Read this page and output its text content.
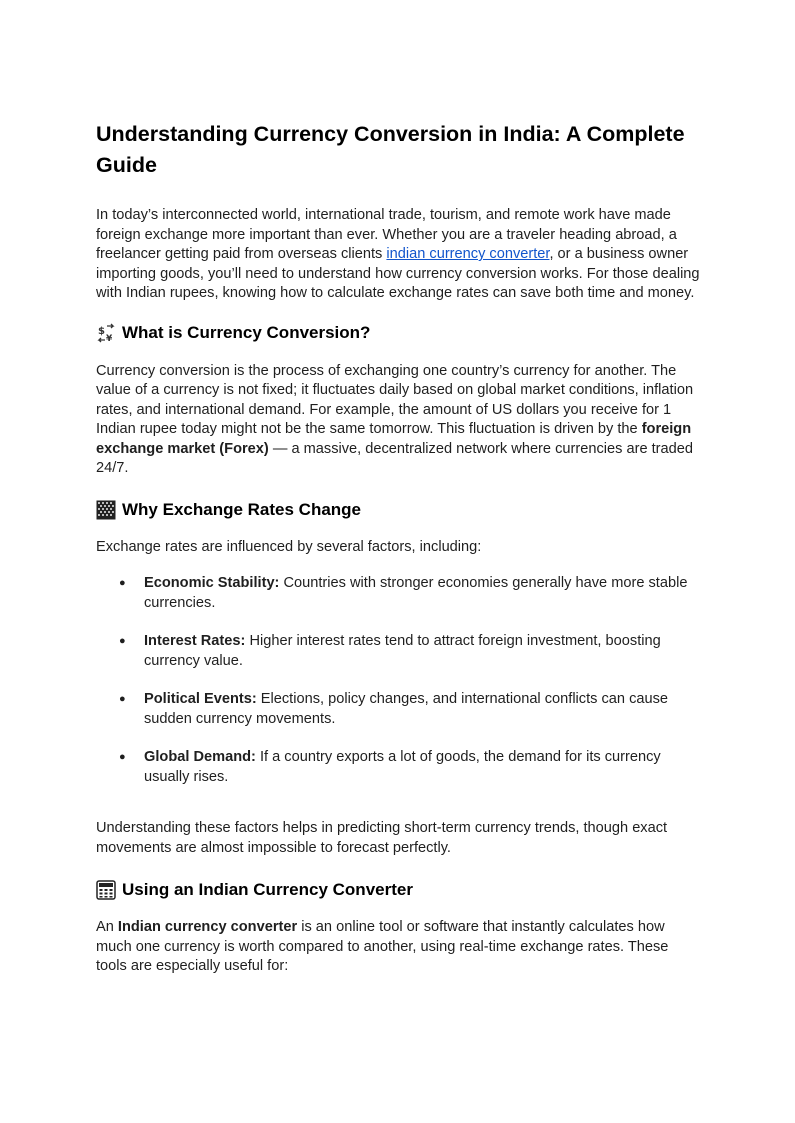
Understanding Currency Conversion in India: A Complete Guide

In today’s interconnected world, international trade, tourism, and remote work have made foreign exchange more important than ever. Whether you are a traveler heading abroad, a freelancer getting paid from overseas clients indian currency converter, or a business owner importing goods, you’ll need to understand how currency conversion works. For those dealing with Indian rupees, knowing how to calculate exchange rates can save both time and money.

$
¥ What is Currency Conversion?

Currency conversion is the process of exchanging one country’s currency for another. The value of a currency is not fixed; it fluctuates daily based on global market conditions, inflation rates, and international demand. For example, the amount of US dollars you receive for 1 Indian rupee today might not be the same tomorrow. This fluctuation is driven by the foreign exchange market (Forex) — a massive, decentralized network where currencies are traded 24/7.

Why Exchange Rates Change

Exchange rates are influenced by several factors, including:

● Economic Stability: Countries with stronger economies generally have more stable currencies.
● Interest Rates: Higher interest rates tend to attract foreign investment, boosting currency value.
● Political Events: Elections, policy changes, and international conflicts can cause sudden currency movements.
● Global Demand: If a country exports a lot of goods, the demand for its currency usually rises.

Understanding these factors helps in predicting short-term currency trends, though exact movements are almost impossible to forecast perfectly.

Using an Indian Currency Converter

An Indian currency converter is an online tool or software that instantly calculates how much one currency is worth compared to another, using real-time exchange rates. These tools are especially useful for:
